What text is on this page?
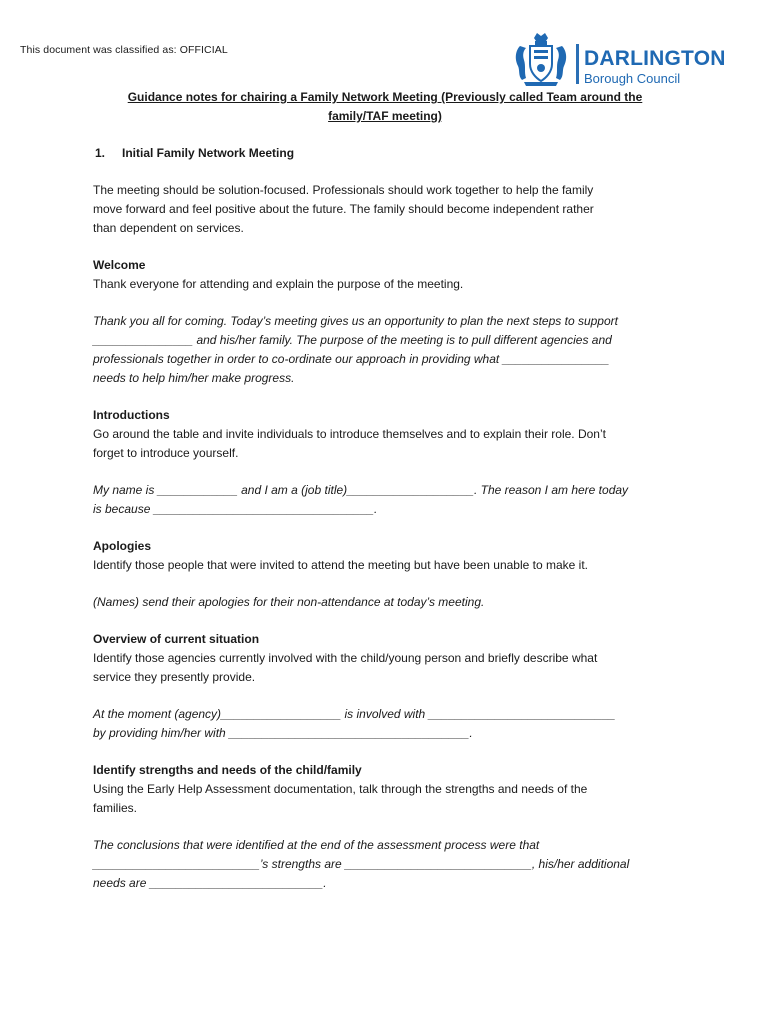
This document was classified as: OFFICIAL	DARLINGTON
Borough Council
Guidance notes for chairing a Family Network Meeting (Previously called Team around the
family/TAF meeting)
1. Initial Family Network Meeting
The meeting should be solution-focused. Professionals should work together to help the family
move forward and feel positive about the future. The family should become independent rather
than dependent on services.
Welcome
Thank everyone for attending and explain the purpose of the meeting.
Thank you all for coming. Today’s meeting gives us an opportunity to plan the next steps to support
_______________ and his/her family. The purpose of the meeting is to pull different agencies and
professionals together in order to co-ordinate our approach in providing what ________________
needs to help him/her make progress.
Introductions
Go around the table and invite individuals to introduce themselves and to explain their role. Don’t
forget to introduce yourself.
My name is ____________ and I am a (job title)___________________. The reason I am here today
is because _________________________________.
Apologies
Identify those people that were invited to attend the meeting but have been unable to make it.
(Names) send their apologies for their non-attendance at today’s meeting.
Overview of current situation
Identify those agencies currently involved with the child/young person and briefly describe what
service they presently provide.
At the moment (agency)__________________ is involved with ____________________________
by providing him/her with ____________________________________.
Identify strengths and needs of the child/family
Using the Early Help Assessment documentation, talk through the strengths and needs of the
families.
The conclusions that were identified at the end of the assessment process were that
_________________________’s strengths are ____________________________, his/her additional
needs are __________________________.
